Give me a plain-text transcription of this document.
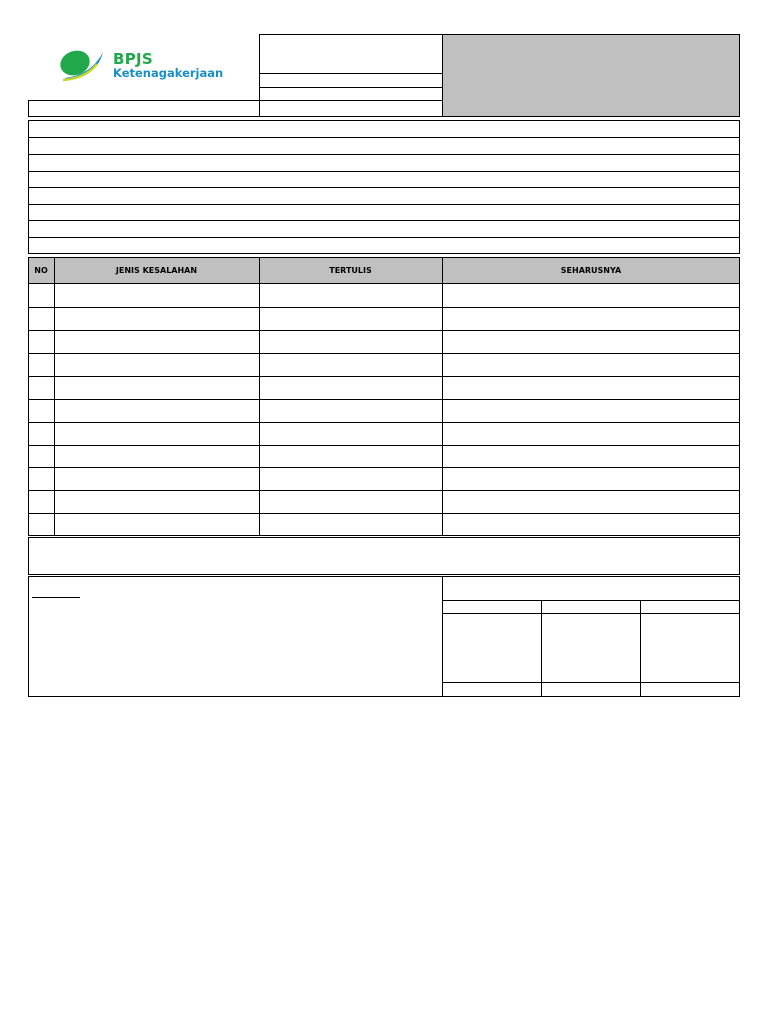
BPJS
Ketenagakerjaan
NO	JENIS KESALAHAN	TERTULIS	SEHARUSNYA
